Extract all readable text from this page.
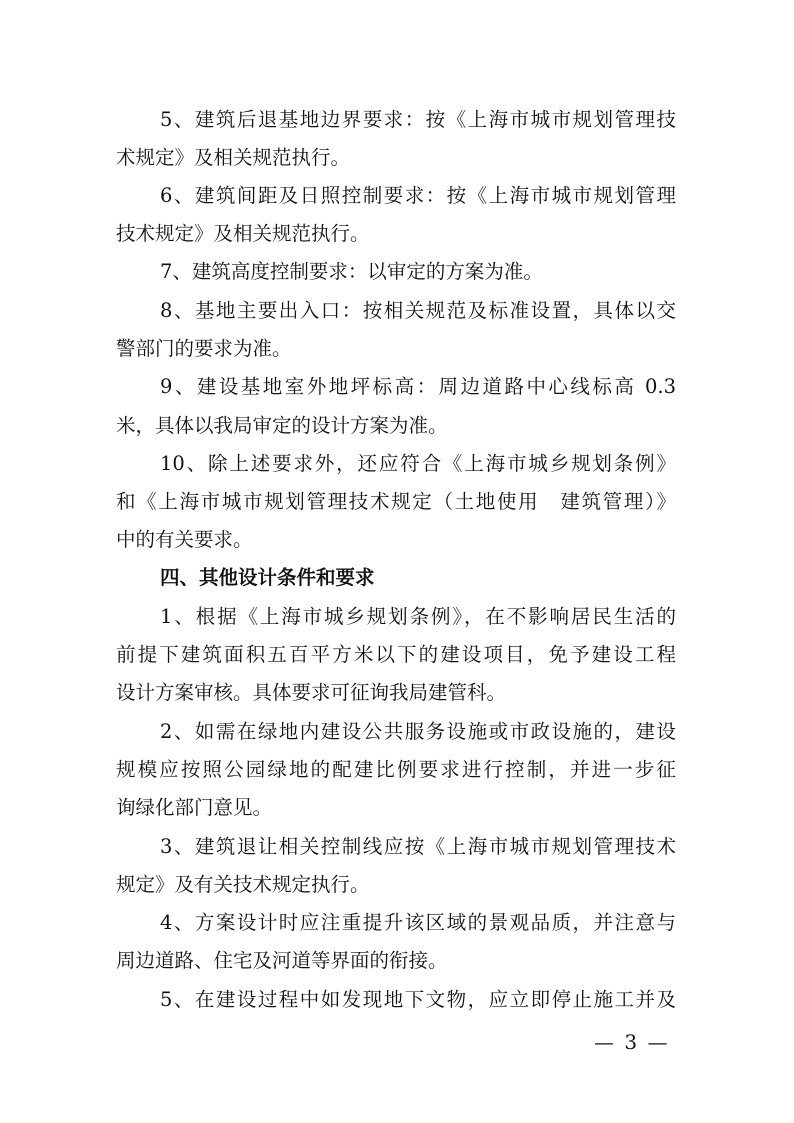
5、建筑后退基地边界要求：按《上海市城市规划管理技
术规定》及相关规范执行。
6、建筑间距及日照控制要求：按《上海市城市规划管理
技术规定》及相关规范执行。
7、建筑高度控制要求：以审定的方案为准。
8、基地主要出入口：按相关规范及标准设置，具体以交
警部门的要求为准。
9、建设基地室外地坪标高：周边道路中心线标高 0.3
米，具体以我局审定的设计方案为准。
10、除上述要求外，还应符合《上海市城乡规划条例》
和《上海市城市规划管理技术规定（土地使用　建筑管理）》
中的有关要求。
四、其他设计条件和要求
1、根据《上海市城乡规划条例》，在不影响居民生活的
前提下建筑面积五百平方米以下的建设项目，免予建设工程
设计方案审核。具体要求可征询我局建管科。
2、如需在绿地内建设公共服务设施或市政设施的，建设
规模应按照公园绿地的配建比例要求进行控制，并进一步征
询绿化部门意见。
3、建筑退让相关控制线应按《上海市城市规划管理技术
规定》及有关技术规定执行。
4、方案设计时应注重提升该区域的景观品质，并注意与
周边道路、住宅及河道等界面的衔接。
5、在建设过程中如发现地下文物，应立即停止施工并及
— 3 —
